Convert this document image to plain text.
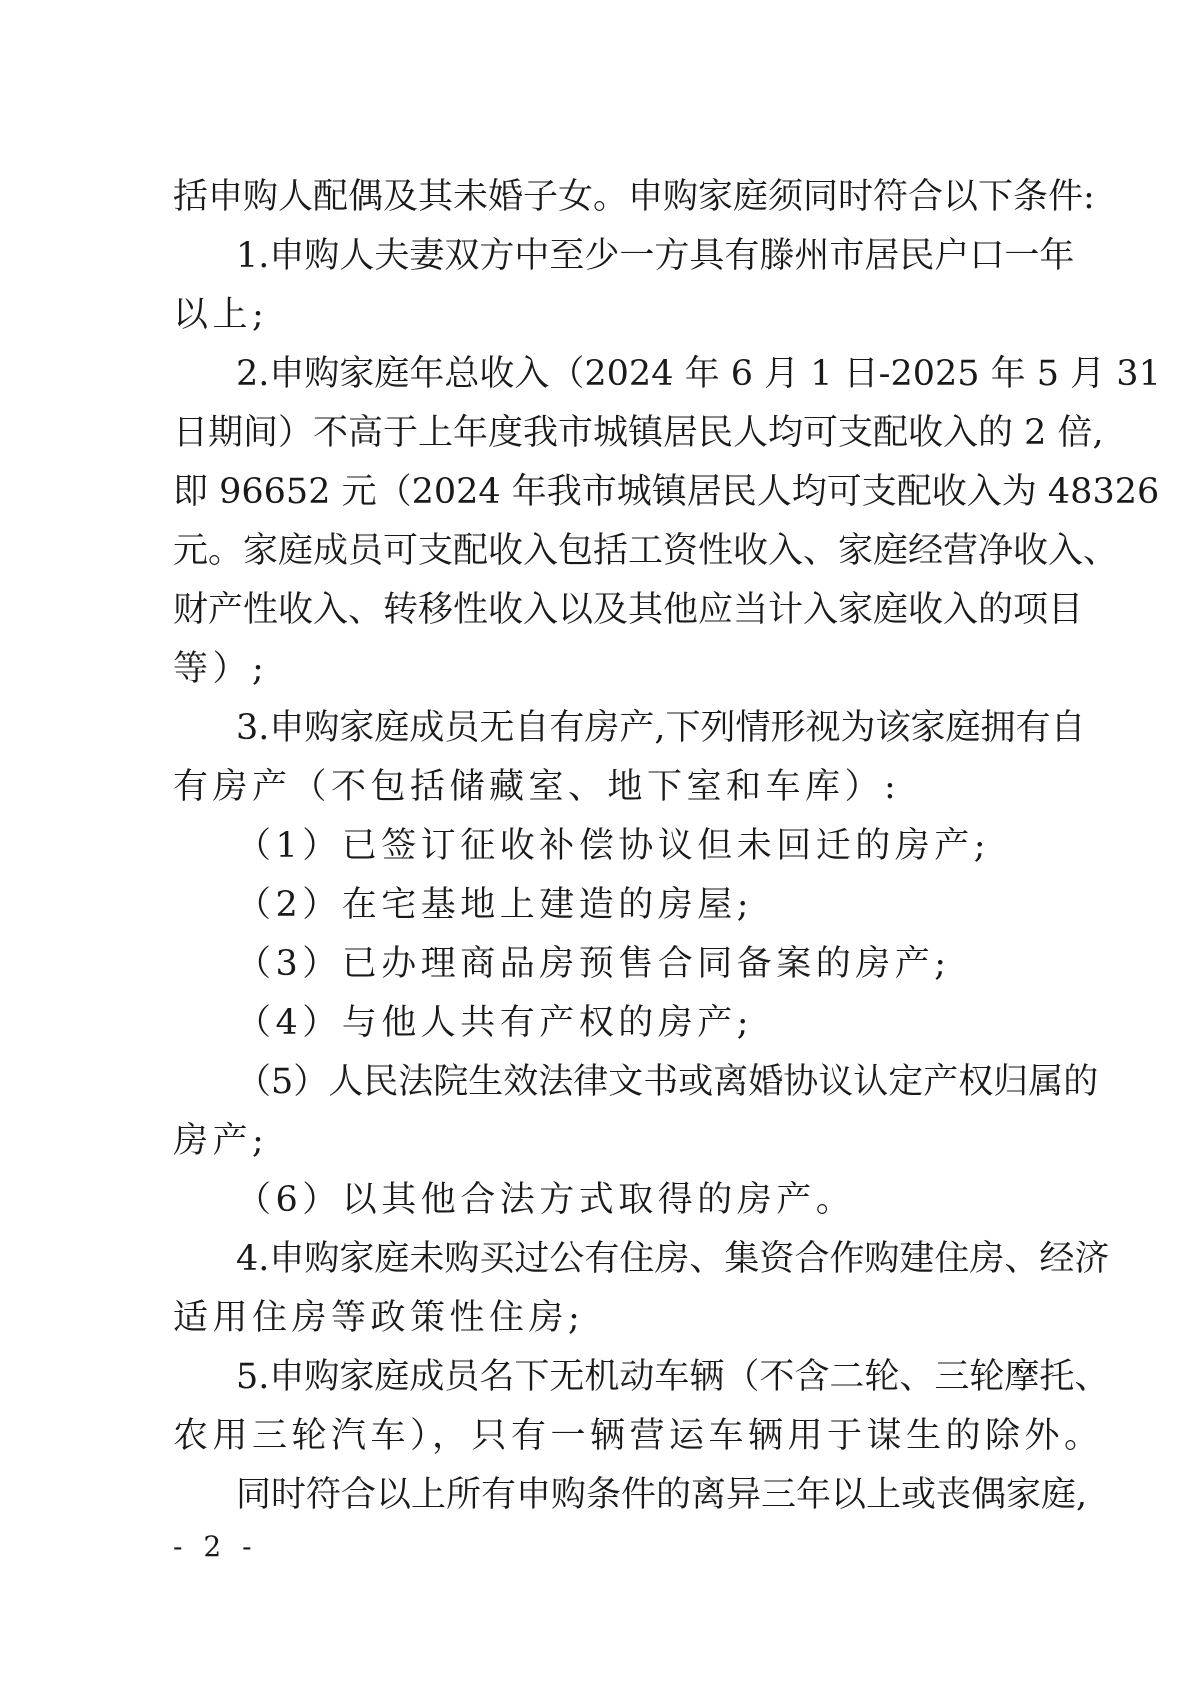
括申购人配偶及其未婚子女。申购家庭须同时符合以下条件:
1.申购人夫妻双方中至少一方具有滕州市居民户口一年
以上;
2.申购家庭年总收入（2024 年 6 月 1 日-2025 年 5 月 31
日期间）不高于上年度我市城镇居民人均可支配收入的 2 倍,
即 96652 元（2024 年我市城镇居民人均可支配收入为 48326
元。家庭成员可支配收入包括工资性收入、家庭经营净收入、
财产性收入、转移性收入以及其他应当计入家庭收入的项目
等）;
3.申购家庭成员无自有房产,下列情形视为该家庭拥有自
有房产（不包括储藏室、地下室和车库）:
（1）已签订征收补偿协议但未回迁的房产;
（2）在宅基地上建造的房屋;
（3）已办理商品房预售合同备案的房产;
（4）与他人共有产权的房产;
（5）人民法院生效法律文书或离婚协议认定产权归属的
房产;
（6）以其他合法方式取得的房产。
4.申购家庭未购买过公有住房、集资合作购建住房、经济
适用住房等政策性住房;
5.申购家庭成员名下无机动车辆（不含二轮、三轮摩托、
农用三轮汽车），只有一辆营运车辆用于谋生的除外。
同时符合以上所有申购条件的离异三年以上或丧偶家庭,
- 2 -
